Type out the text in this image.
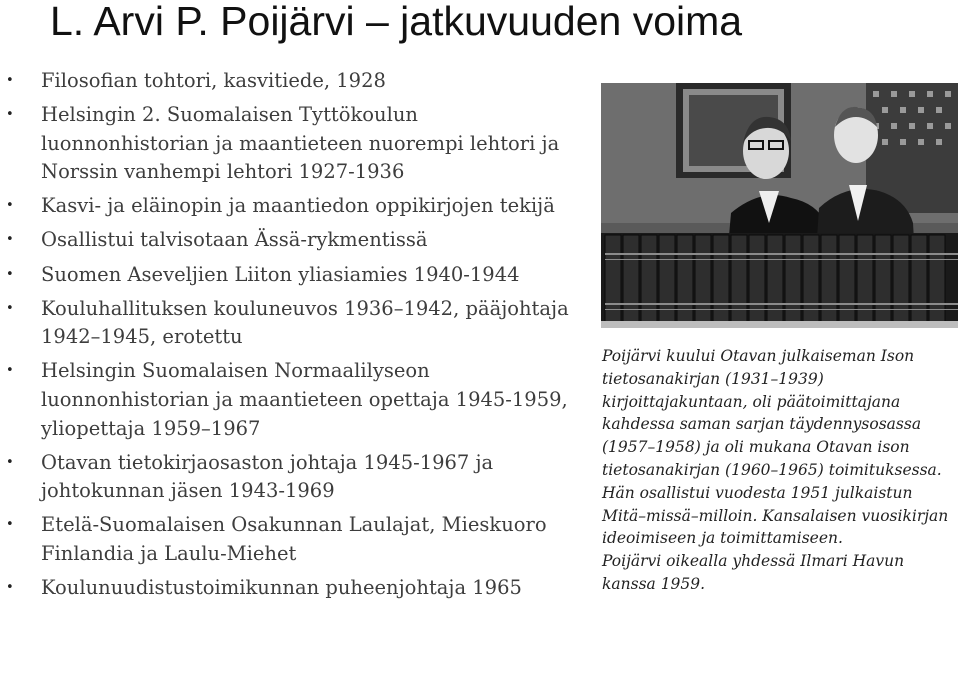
L. Arvi P. Poijärvi – jatkuvuuden voima
• Filosofian tohtori, kasvitiede, 1928
• Helsingin 2. Suomalaisen Tyttökoulun luonnonhistorian ja maantieteen nuorempi lehtori ja Norssin vanhempi lehtori 1927-1936
• Kasvi- ja eläinopin ja maantiedon oppikirjojen tekijä
• Osallistui talvisotaan Ässä-rykmentissä
• Suomen Aseveljien Liiton yliasiamies 1940-1944
• Kouluhallituksen kouluneuvos 1936–1942, pääjohtaja 1942–1945, erotettu
• Helsingin Suomalaisen Normaalilyseon luonnonhistorian ja maantieteen opettaja 1945-1959, yliopettaja 1959–1967
• Otavan tietokirjaosaston johtaja 1945-1967 ja johtokunnan jäsen 1943-1969
• Etelä-Suomalaisen Osakunnan Laulajat, Mieskuoro Finlandia ja Laulu-Miehet
• Koulunuudistustoimikunnan puheenjohtaja 1965

Poijärvi kuului Otavan julkaiseman Ison tietosanakirjan (1931–1939) kirjoittajakuntaan, oli päätoimittajana kahdessa saman sarjan täydennysosassa (1957–1958) ja oli mukana Otavan ison tietosanakirjan (1960–1965) toimituksessa. Hän osallistui vuodesta 1951 julkaistun Mitä–missä–milloin. Kansalaisen vuosikirjan ideoimiseen ja toimittamiseen.

Poijärvi oikealla yhdessä Ilmari Havun kanssa 1959.
